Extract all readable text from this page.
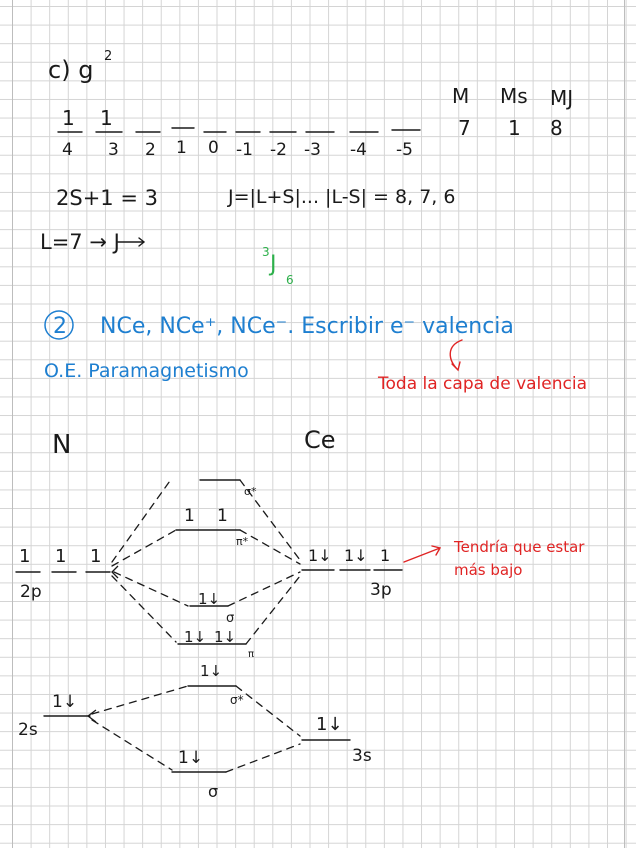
c) g 2
1 1
4 3 2 1 0 -1 -2 -3 -4 -5
M Ms MJ
7 1 8
2S+1 = 3	J=|L+S|... |L-S| = 8, 7, 6
L=7 → J	3 J
6
2 NCe, NCe⁺, NCe⁻. Escribir e⁻ valencia
O.E. Paramagnetismo
Toda la capa de valencia
N	Ce
1 1 1
2p
1↓
2s
1↓ 1↓ 1
3p
1↓
3s
σ*
1 1
π*
1↓
σ
1↓ 1↓
π
1↓
σ*
1↓
σ
Tendría que estar más bajo
